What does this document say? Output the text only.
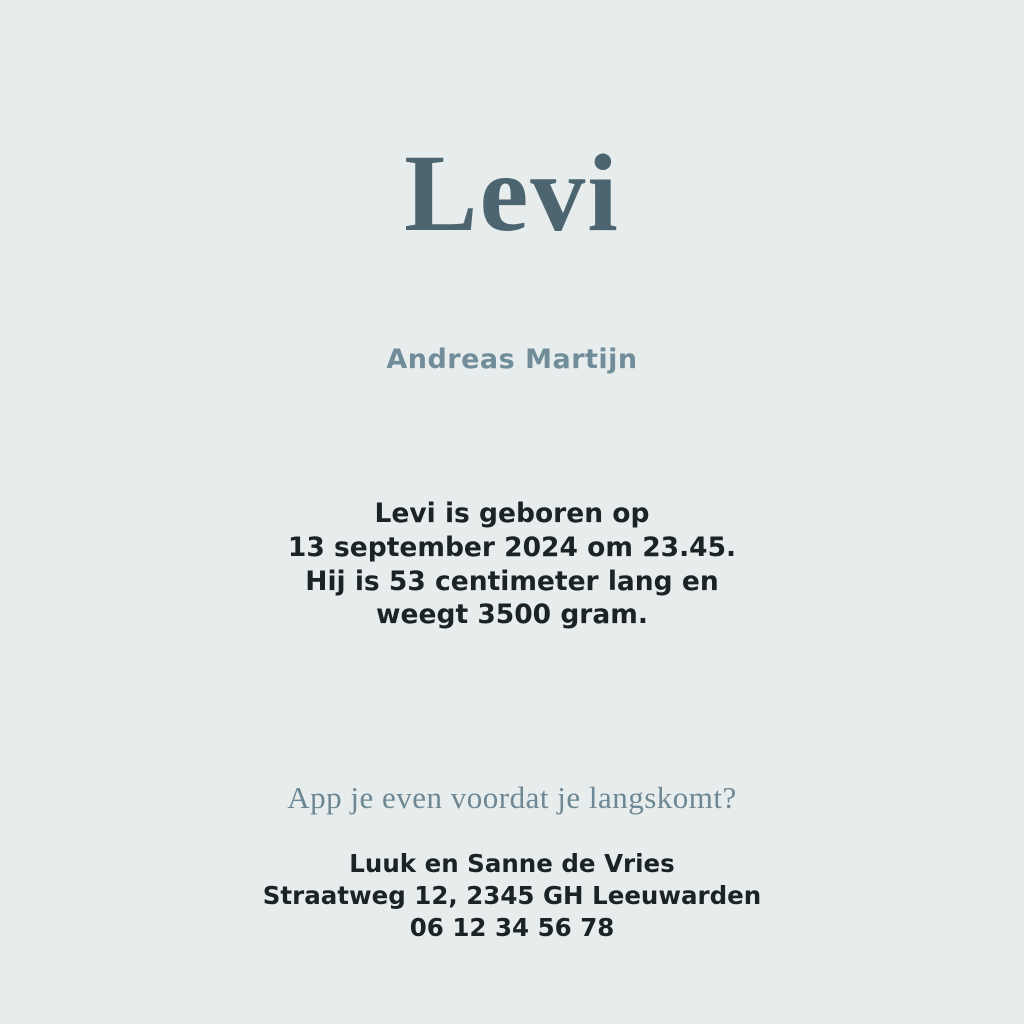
Levi
Andreas Martijn
Levi is geboren op
13 september 2024 om 23.45.
Hij is 53 centimeter lang en
weegt 3500 gram.
App je even voordat je langskomt?
Luuk en Sanne de Vries
Straatweg 12, 2345 GH Leeuwarden
06 12 34 56 78
